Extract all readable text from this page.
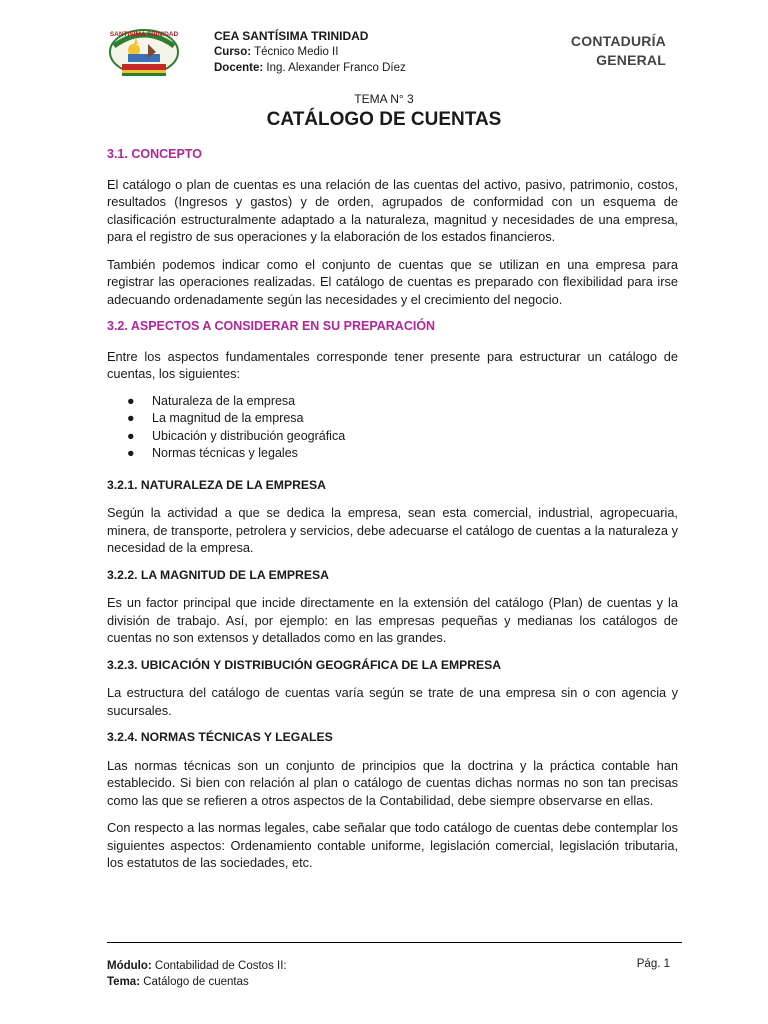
SANTISIMA TRINIDAD	CEA SANTÍSIMA TRINIDAD
Curso: Técnico Medio II
Docente: Ing. Alexander Franco Díez
CONTADURÍA
GENERAL
TEMA N° 3
CATÁLOGO DE CUENTAS
3.1. CONCEPTO

El catálogo o plan de cuentas es una relación de las cuentas del activo, pasivo, patrimonio, costos, resultados (Ingresos y gastos) y de orden, agrupados de conformidad con un esquema de clasificación estructuralmente adaptado a la naturaleza, magnitud y necesidades de una empresa, para el registro de sus operaciones y la elaboración de los estados financieros.

También podemos indicar como el conjunto de cuentas que se utilizan en una empresa para registrar las operaciones realizadas. El catálogo de cuentas es preparado con flexibilidad para irse adecuando ordenadamente según las necesidades y el crecimiento del negocio.

3.2. ASPECTOS A CONSIDERAR EN SU PREPARACIÓN

Entre los aspectos fundamentales corresponde tener presente para estructurar un catálogo de cuentas, los siguientes:

● Naturaleza de la empresa
● La magnitud de la empresa
● Ubicación y distribución geográfica
● Normas técnicas y legales
3.2.1. NATURALEZA DE LA EMPRESA

Según la actividad a que se dedica la empresa, sean esta comercial, industrial, agropecuaria, minera, de transporte, petrolera y servicios, debe adecuarse el catálogo de cuentas a la naturaleza y necesidad de la empresa.

3.2.2. LA MAGNITUD DE LA EMPRESA

Es un factor principal que incide directamente en la extensión del catálogo (Plan) de cuentas y la división de trabajo. Así, por ejemplo: en las empresas pequeñas y medianas los catálogos de cuentas no son extensos y detallados como en las grandes.

3.2.3. UBICACIÓN Y DISTRIBUCIÓN GEOGRÁFICA DE LA EMPRESA

La estructura del catálogo de cuentas varía según se trate de una empresa sin o con agencia y sucursales.

3.2.4. NORMAS TÉCNICAS Y LEGALES

Las normas técnicas son un conjunto de principios que la doctrina y la práctica contable han establecido. Si bien con relación al plan o catálogo de cuentas dichas normas no son tan precisas como las que se refieren a otros aspectos de la Contabilidad, debe siempre observarse en ellas.

Con respecto a las normas legales, cabe señalar que todo catálogo de cuentas debe contemplar los siguientes aspectos: Ordenamiento contable uniforme, legislación comercial, legislación tributaria, los estatutos de las sociedades, etc.

Módulo: Contabilidad de Costos II:
Tema: Catálogo de cuentas
Pág. 1
